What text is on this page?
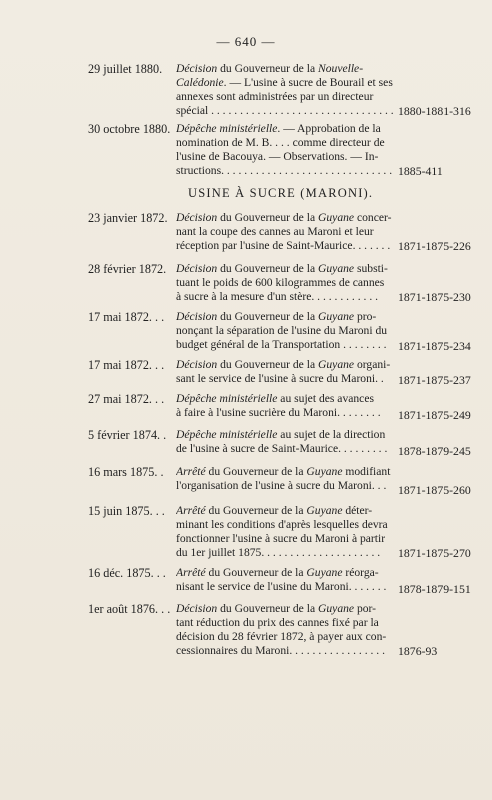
— 640 —
USINE À SUCRE (MARONI).
29 juillet 1880. Décision du Gouverneur de la Nouvelle-
Calédonie. — L'usine à sucre de Bourail et ses
annexes sont administrées par un directeur
spécial . . . . . . . . . . . . . . . . . . . . . . . . . . . . . . . . 1880-1881-316
30 octobre 1880. Dépêche ministérielle. — Approbation de la
nomination de M. B. . . . comme directeur de
l'usine de Bacouya. — Observations. — In-
structions. . . . . . . . . . . . . . . . . . . . . . . . . . . . . . 1885-411
23 janvier 1872. Décision du Gouverneur de la Guyane concer-
nant la coupe des cannes au Maroni et leur
réception par l'usine de Saint-Maurice. . . . . . . 1871-1875-226
28 février 1872. Décision du Gouverneur de la Guyane substi-
tuant le poids de 600 kilogrammes de cannes
à sucre à la mesure d'un stère. . . . . . . . . . . .	1871-1875-230
17 mai 1872. . . Décision du Gouverneur de la Guyane pro-
nonçant la séparation de l'usine du Maroni du
budget général de la Transportation . . . . . . . . 1871-1875-234
17 mai 1872. . . Décision du Gouverneur de la Guyane organi-
sant le service de l'usine à sucre du Maroni. .	1871-1875-237
27 mai 1872. . . Dépêche ministérielle au sujet des avances
à faire à l'usine sucrière du Maroni. . . . . . . .	1871-1875-249
5 février 1874. . Dépêche ministérielle au sujet de la direction
de l'usine à sucre de Saint-Maurice. . . . . . . . . 1878-1879-245
16 mars 1875. . Arrêté du Gouverneur de la Guyane modifiant
l'organisation de l'usine à sucre du Maroni. . . 1871-1875-260
15 juin 1875. . . Arrêté du Gouverneur de la Guyane déter-
minant les conditions d'après lesquelles devra
fonctionner l'usine à sucre du Maroni à partir
du 1er juillet 1875. . . . . . . . . . . . . . . . . . . . .	1871-1875-270
16 déc. 1875. . . Arrêté du Gouverneur de la Guyane réorga-
nisant le service de l'usine du Maroni. . . . . . . 1878-1879-151
1er août 1876. . . Décision du Gouverneur de la Guyane por-
tant réduction du prix des cannes fixé par la
décision du 28 février 1872, à payer aux con-
cessionnaires du Maroni. . . . . . . . . . . . . . . . .	1876-93
